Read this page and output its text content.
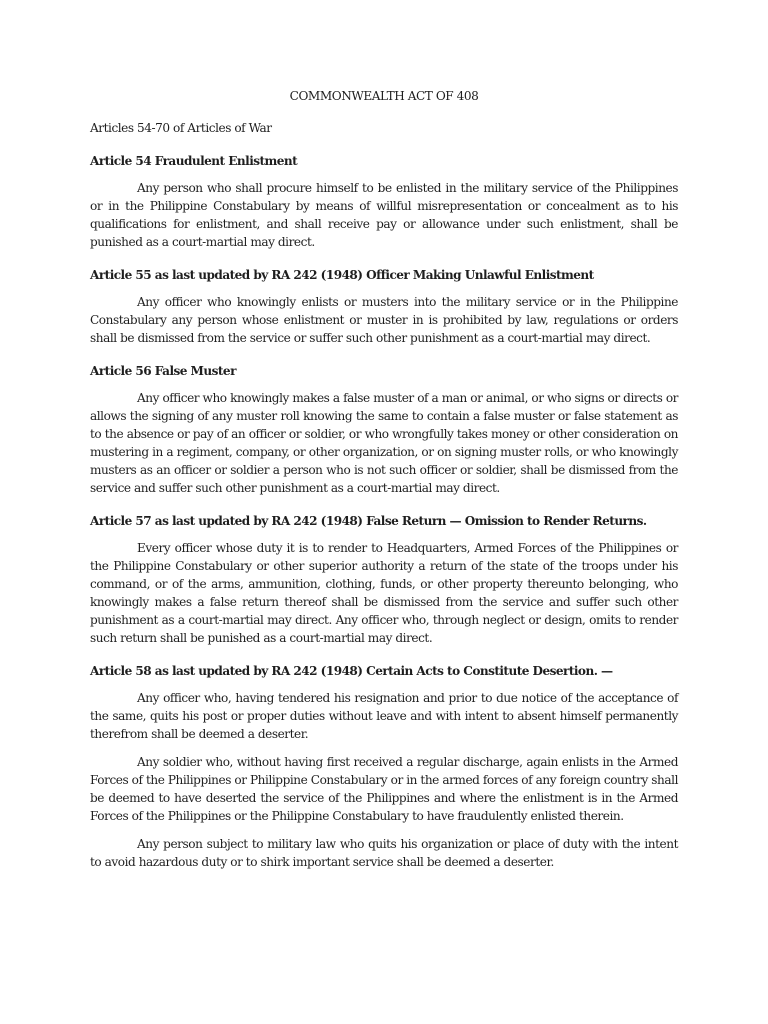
COMMONWEALTH ACT OF 408

Articles 54-70 of Articles of War

Article 54 Fraudulent Enlistment

Any person who shall procure himself to be enlisted in the military service of the Philippines or in the Philippine Constabulary by means of willful misrepresentation or concealment as to his qualifications for enlistment, and shall receive pay or allowance under such enlistment, shall be punished as a court-martial may direct.

Article 55 as last updated by RA 242 (1948) Officer Making Unlawful Enlistment

Any officer who knowingly enlists or musters into the military service or in the Philippine Constabulary any person whose enlistment or muster in is prohibited by law, regulations or orders shall be dismissed from the service or suffer such other punishment as a court-martial may direct.

Article 56 False Muster

Any officer who knowingly makes a false muster of a man or animal, or who signs or directs or allows the signing of any muster roll knowing the same to contain a false muster or false statement as to the absence or pay of an officer or soldier, or who wrongfully takes money or other consideration on mustering in a regiment, company, or other organization, or on signing muster rolls, or who knowingly musters as an officer or soldier a person who is not such officer or soldier, shall be dismissed from the service and suffer such other punishment as a court-martial may direct.

Article 57 as last updated by RA 242 (1948) False Return — Omission to Render Returns.

Every officer whose duty it is to render to Headquarters, Armed Forces of the Philippines or the Philippine Constabulary or other superior authority a return of the state of the troops under his command, or of the arms, ammunition, clothing, funds, or other property thereunto belonging, who knowingly makes a false return thereof shall be dismissed from the service and suffer such other punishment as a court-martial may direct. Any officer who, through neglect or design, omits to render such return shall be punished as a court-martial may direct.

Article 58 as last updated by RA 242 (1948) Certain Acts to Constitute Desertion. —

Any officer who, having tendered his resignation and prior to due notice of the acceptance of the same, quits his post or proper duties without leave and with intent to absent himself permanently therefrom shall be deemed a deserter.

Any soldier who, without having first received a regular discharge, again enlists in the Armed Forces of the Philippines or Philippine Constabulary or in the armed forces of any foreign country shall be deemed to have deserted the service of the Philippines and where the enlistment is in the Armed Forces of the Philippines or the Philippine Constabulary to have fraudulently enlisted therein.

Any person subject to military law who quits his organization or place of duty with the intent to avoid hazardous duty or to shirk important service shall be deemed a deserter.
